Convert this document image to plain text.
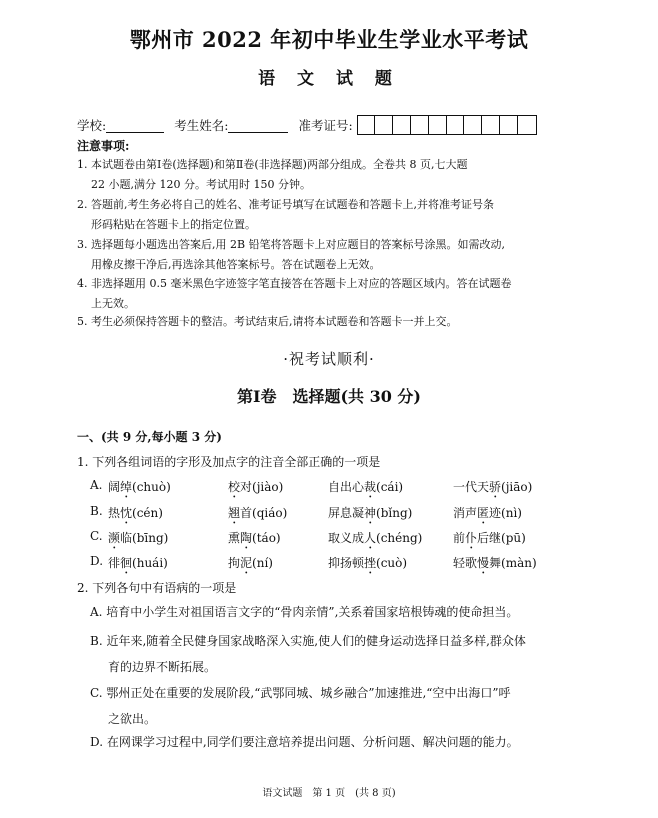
鄂州市 2022 年初中毕业生学业水平考试
语 文 试 题
学校:	考生姓名:	准考证号:
注意事项:
1. 本试题卷由第Ⅰ卷(选择题)和第Ⅱ卷(非选择题)两部分组成。全卷共 8 页,七大题
22 小题,满分 120 分。考试用时 150 分钟。
2. 答题前,考生务必将自己的姓名、准考证号填写在试题卷和答题卡上,并将准考证号条
形码粘贴在答题卡上的指定位置。
3. 选择题每小题选出答案后,用 2B 铅笔将答题卡上对应题目的答案标号涂黑。如需改动,
用橡皮擦干净后,再选涂其他答案标号。答在试题卷上无效。
4. 非选择题用 0.5 毫米黑色字迹签字笔直接答在答题卡上对应的答题区域内。答在试题卷
上无效。
5. 考生必须保持答题卡的整洁。考试结束后,请将本试题卷和答题卡一并上交。
·祝考试顺利·
第Ⅰ卷　选择题(共 30 分)
一、(共 9 分,每小题 3 分)
1. 下列各组词语的字形及加点字的注音全部正确的一项是
A. 阔绰(chuò)	校对(jiào)	自出心裁(cái)	一代天骄(jiāo)
B. 热忱(cén)	翘首(qiáo)	屏息凝神(bǐng)	消声匿迹(nì)
C. 濒临(bīng)	熏陶(táo)	取义成人(chéng)	前仆后继(pū)
D. 徘徊(huái)	拘泥(ní)	抑扬顿挫(cuò)	轻歌慢舞(màn)
2. 下列各句中有语病的一项是
A. 培育中小学生对祖国语言文字的“骨肉亲情”,关系着国家培根铸魂的使命担当。
B. 近年来,随着全民健身国家战略深入实施,使人们的健身运动选择日益多样,群众体
育的边界不断拓展。
C. 鄂州正处在重要的发展阶段,“武鄂同城、城乡融合”加速推进,“空中出海口”呼
之欲出。
D. 在网课学习过程中,同学们要注意培养提出问题、分析问题、解决问题的能力。
语文试题　第 1 页　(共 8 页)
